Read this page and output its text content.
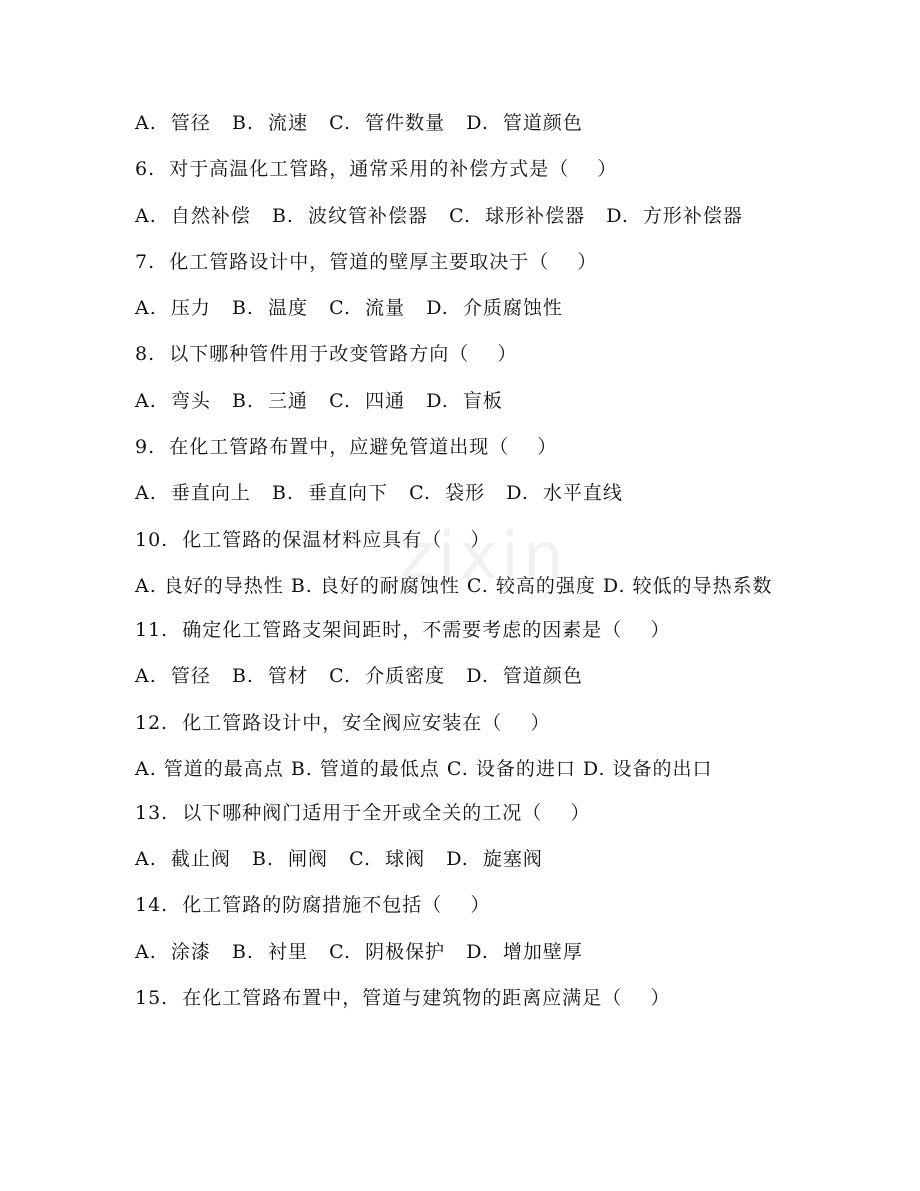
zixin
A.  管径   B.  流速   C.  管件数量   D.  管道颜色
6.  对于高温化工管路，通常采用的补偿方式是（    ）
A.  自然补偿   B.  波纹管补偿器   C.  球形补偿器   D.  方形补偿器
7.  化工管路设计中，管道的壁厚主要取决于（    ）
A.  压力   B.  温度   C.  流量   D.  介质腐蚀性
8.  以下哪种管件用于改变管路方向（    ）
A.  弯头   B.  三通   C.  四通   D.  盲板
9.  在化工管路布置中，应避免管道出现（    ）
A.  垂直向上   B.  垂直向下   C.  袋形   D.  水平直线
10.  化工管路的保温材料应具有（    ）
A. 良好的导热性 B. 良好的耐腐蚀性 C. 较高的强度 D. 较低的导热系数
11.  确定化工管路支架间距时，不需要考虑的因素是（    ）
A.  管径   B.  管材   C.  介质密度   D.  管道颜色
12.  化工管路设计中，安全阀应安装在（    ）
A. 管道的最高点 B. 管道的最低点 C. 设备的进口 D. 设备的出口
13.  以下哪种阀门适用于全开或全关的工况（    ）
A.  截止阀   B.  闸阀   C.  球阀   D.  旋塞阀
14.  化工管路的防腐措施不包括（    ）
A.  涂漆   B.  衬里   C.  阴极保护   D.  增加壁厚
15.  在化工管路布置中，管道与建筑物的距离应满足（    ）
